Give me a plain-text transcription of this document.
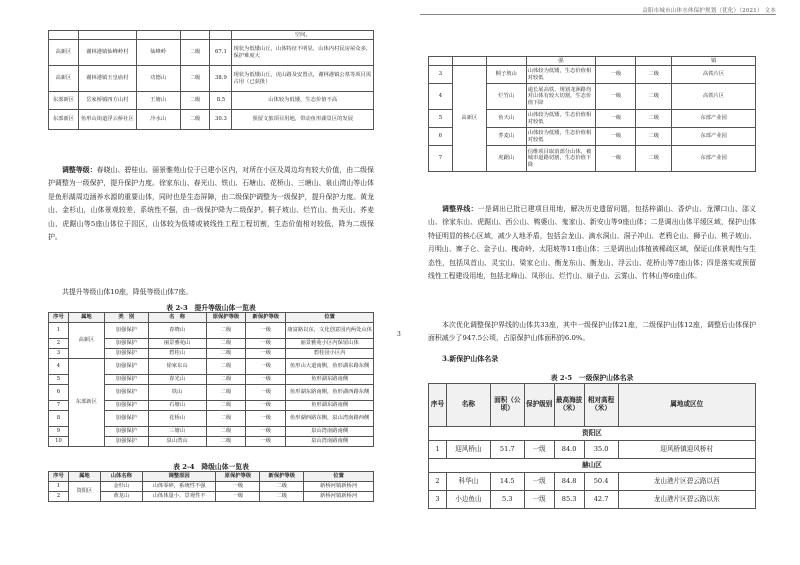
益阳市城市山体水体保护规划（优化）（2021） 文本
					空间。
高新区	谢林港镇仙峰岭村	仙峰岭	二级	67.1	现状为低矮山丘，山体特征不明显，山体内村民房屋众多，保护难度大
高新区	谢林港镇玉皇庙村	功德山	二级	38.9	现状为低矮山丘，虎山路及安置点，谢林港镇公墓等项目需占用（已获批）
东部新区	岳家桥镇四方山村	王塘山	二级	8.5	山体较为低矮，生态价值不高
东部新区	鱼形山街道浮云桥社区	冷水山	二级	30.3	预留文旅项目用地，带动鱼形湖景区的发展

调整等级：春晓山、碧桂山、丽景雅苑山位于已建小区内，对所在小区及周边均有较大价值，由二级保护调整为一级保护，提升保护力度。徐家东山、春光山、铁山、石塘山、花桥山、三塘山、泉山湾山等山体是鱼形湖周边涵养水源的重要山体，同时也是生态屏障，由二级保护调整为一级保护，提升保护力度。黄龙山、金杉山，山体景观较差，系统性不强，由一级保护降为二级保护。桐子坡山、烂竹山、鱼天山、荞麦山、虎踞山等5座山体位于园区，山体较为低矮或被线性工程工程切割，生态价值相对较低，降为二级保护。

共提升等级山体10座，降低等级山体7座。

表 2-3　提升等级山体一览表
序号	属地	类　别	名　称	原保护等级	新保护等级	位置
1	高新区	加强保护	春晓山	二级	一级	康富路以东，文化创意园内两处山体
2		加强保护	丽景雅苑山	二级	一级	丽景雅苑小区内保留山体
3		加强保护	碧桂山	二级	一级	碧桂园小区内
4	东部新区	加强保护	徐家东山	二级	一级	鱼形山大道南侧，鱼形湖东路东侧
5		加强保护	春光山	二级	一级	鱼形湖东路南侧
6		加强保护	铁山	二级	一级	鱼形湖东路南侧，鱼形湖西路东侧
7		加强保护	石塘山	二级	一级	鱼形湖东路南侧
8		加强保护	花桥山	二级	一级	鱼形湖西路东侧，泉山湾南路西侧
9		加强保护	三塘山	二级	一级	泉山湾南路南侧
10		加强保护	泉山湾山	二级	一级	泉山湾南路南侧
表 2-4　降级山体一览表
序号	属地	山体名称	调整原因	原保护等级	新保护等级	位置
1	资阳区	金杉山	山体零碎，系统性不强	一级	二级	新桥河镇新桥河
2		黄龙山	山体体量小，景观性不	一级	二级	新桥河镇新桥河
			强			镇
3	高新区	桐子坡山	山体较为低矮，生态价值相对较低	一级	二级	高铁片区
4		烂竹山	逾长展高铁、规划龙洲路均对山体有较大切割，生态价值下降	一级	二级	高铁片区
5		鱼天山	山体较为低矮，生态价值相对较低	一级	二级	东部产业园
6		荞麦山	山体较为低矮，生态价值相对较低	一级	二级	东部产业园
7		虎踞山	信维项目取消部分山体，被城市道路切割，生态价值下降	一级	二级	东部产业园

调整界线：一是调出已批已建项目用地，解决历史遗留问题，包括梓湖山、香炉山、龙潭口山、邵义山、徐家东山、虎踞山、西公山、鸭婆山、鬼家山、新安山等9座山体；二是调出山体平缓区域，保护山体特征明显的核心区域，减少人地矛盾，包括会龙山、滴水洞山、洞子冲山、老鸦仑山、狮子山、桃子坡山、月明山、寨子仑、金子山、槐奇岭、太阳坡等11座山体；三是调出山体植被稀疏区域，保证山体景观性与生态性，包括凤首山、灵宝山、梁家仑山、衡龙东山、衡龙山、浮云山、花桥山等7座山体；四是落实或预留线性工程建设用地，包括北峰山、凤形山、烂竹山、扇子山、云雾山、竹林山等6座山体。

本次优化调整保护界线的山体共33座，其中一级保护山体21座，二级保护山体12座，调整后山体保护面积减少了947.5公顷，占原保护山体面积的6.0%。

3.新保护山体名录
表 2-5　一级保护山体名录
序号	名称	面积（公顷）	保护级别	最高海拔（米）	相对高程（米）	属地或区位
资阳区						
1	迎风桥山	51.7	一级	84.0	35.0	迎风桥镇迎风桥村
赫山区						
2	科华山	14.5	一级	84.8	50.4	龙山港片区碧云路以西
3	小边鱼山	5.3	一级	85.3	42.7	龙山港片区碧云路以东
3
